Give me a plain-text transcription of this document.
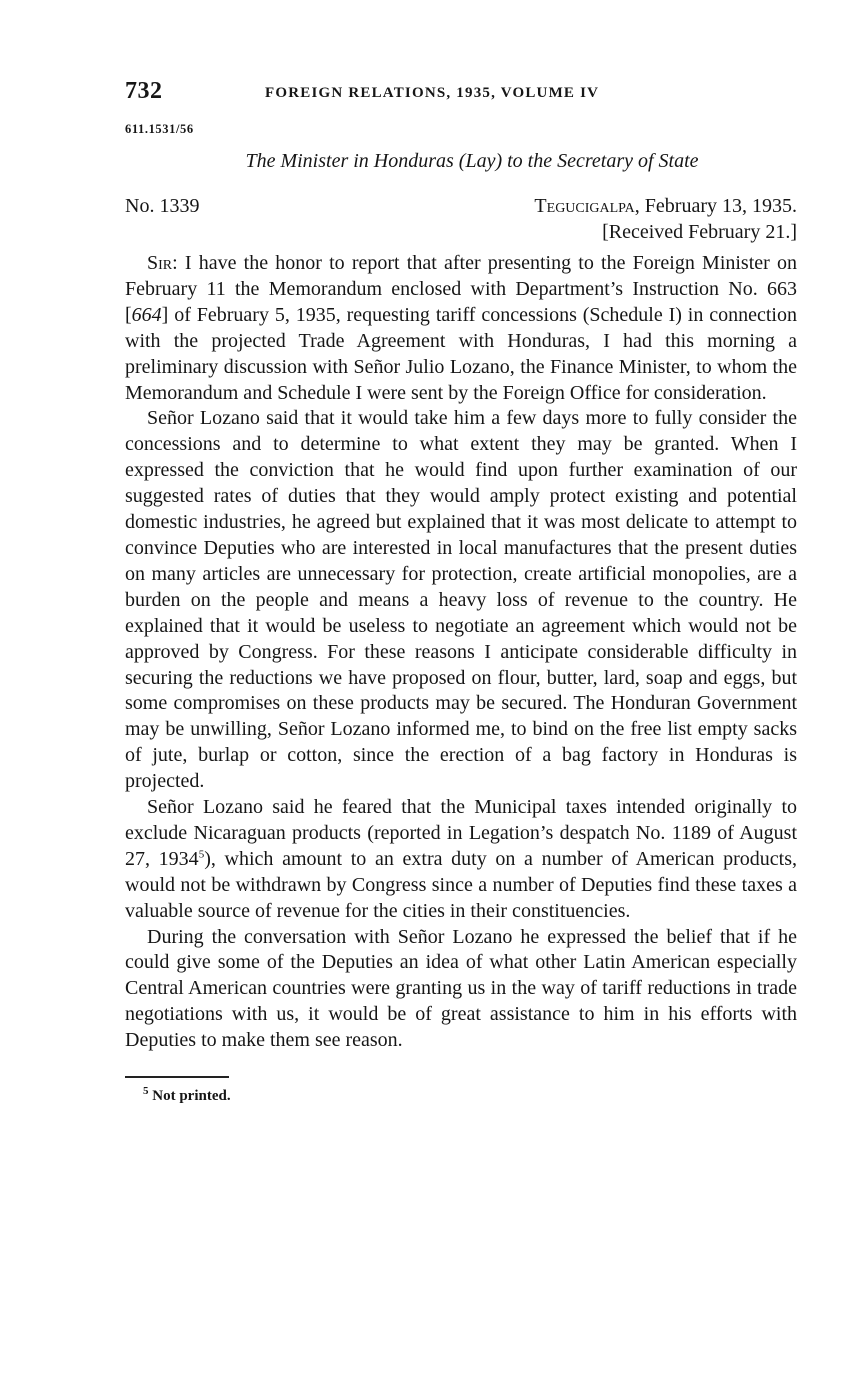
732	FOREIGN RELATIONS, 1935, VOLUME IV
611.1531/56
The Minister in Honduras (Lay) to the Secretary of State
No. 1339	Tegucigalpa, February 13, 1935.
[Received February 21.]

Sir: I have the honor to report that after presenting to the Foreign Minister on February 11 the Memorandum enclosed with Department’s Instruction No. 663 [664] of February 5, 1935, requesting tariff concessions (Schedule I) in connection with the projected Trade Agreement with Honduras, I had this morning a preliminary discussion with Señor Julio Lozano, the Finance Minister, to whom the Memorandum and Schedule I were sent by the Foreign Office for consideration.

Señor Lozano said that it would take him a few days more to fully consider the concessions and to determine to what extent they may be granted. When I expressed the conviction that he would find upon further examination of our suggested rates of duties that they would amply protect existing and potential domestic industries, he agreed but explained that it was most delicate to attempt to convince Deputies who are interested in local manufactures that the present duties on many articles are unnecessary for protection, create artificial monopolies, are a burden on the people and means a heavy loss of revenue to the country. He explained that it would be useless to negotiate an agreement which would not be approved by Congress. For these reasons I anticipate considerable difficulty in securing the reductions we have proposed on flour, butter, lard, soap and eggs, but some compromises on these products may be secured. The Honduran Government may be unwilling, Señor Lozano informed me, to bind on the free list empty sacks of jute, burlap or cotton, since the erection of a bag factory in Honduras is projected.

Señor Lozano said he feared that the Municipal taxes intended originally to exclude Nicaraguan products (reported in Legation’s despatch No. 1189 of August 27, 1934$^5$), which amount to an extra duty on a number of American products, would not be withdrawn by Congress since a number of Deputies find these taxes a valuable source of revenue for the cities in their constituencies.

During the conversation with Señor Lozano he expressed the belief that if he could give some of the Deputies an idea of what other Latin American especially Central American countries were granting us in the way of tariff reductions in trade negotiations with us, it would be of great assistance to him in his efforts with Deputies to make them see reason.

$^5$ Not printed.
